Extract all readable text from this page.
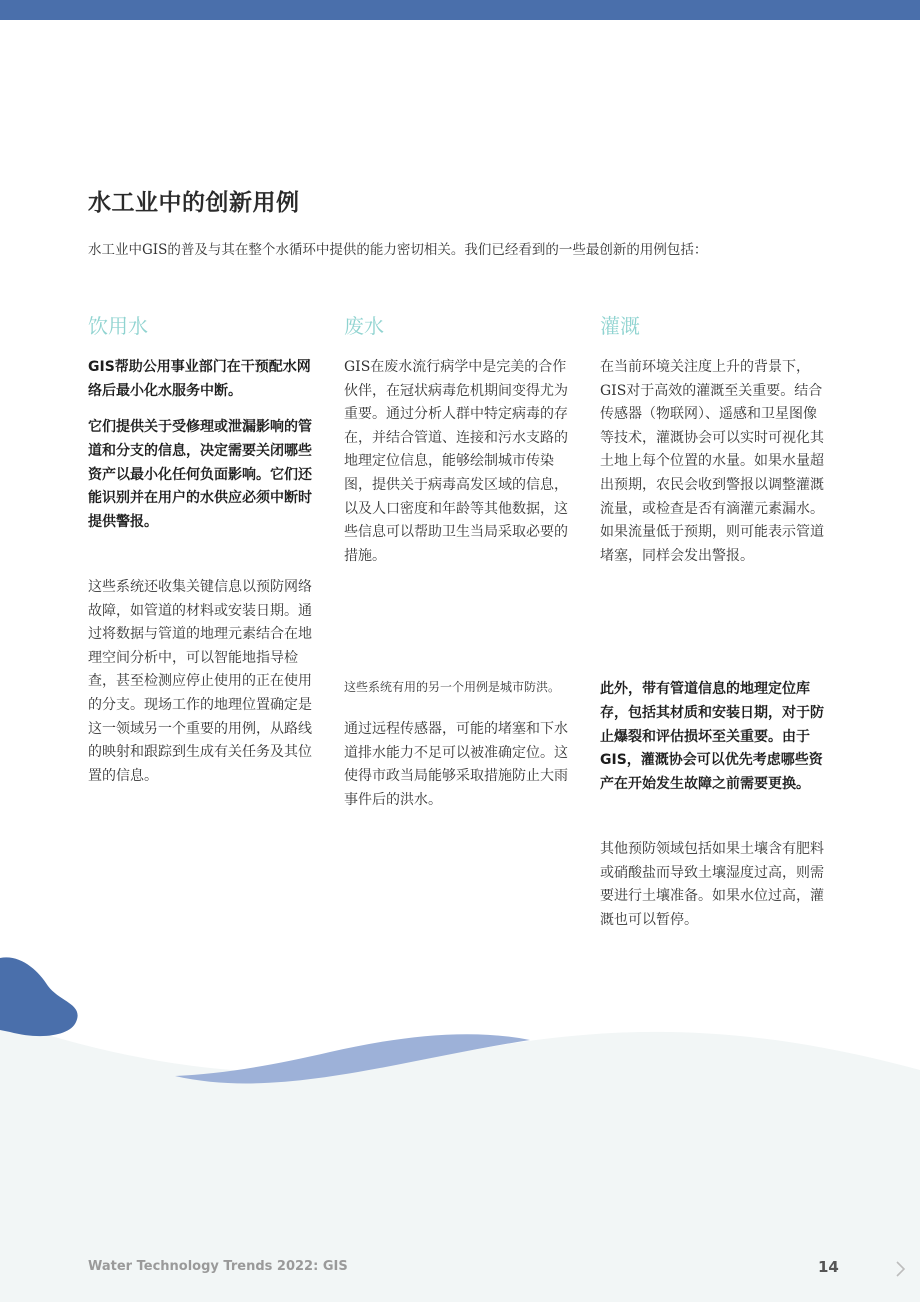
水工业中的创新用例

水工业中GIS的普及与其在整个水循环中提供的能力密切相关。我们已经看到的一些最创新的用例包括：

饮用水

GIS帮助公用事业部门在干预配水网络后最小化水服务中断。

它们提供关于受修理或泄漏影响的管道和分支的信息，决定需要关闭哪些资产以最小化任何负面影响。它们还能识别并在用户的水供应必须中断时提供警报。

这些系统还收集关键信息以预防网络故障，如管道的材料或安装日期。通过将数据与管道的地理元素结合在地理空间分析中，可以智能地指导检查，甚至检测应停止使用的正在使用的分支。现场工作的地理位置确定是这一领域另一个重要的用例，从路线的映射和跟踪到生成有关任务及其位置的信息。

废水

GIS在废水流行病学中是完美的合作伙伴，在冠状病毒危机期间变得尤为重要。通过分析人群中特定病毒的存在，并结合管道、连接和污水支路的地理定位信息，能够绘制城市传染图，提供关于病毒高发区域的信息，以及人口密度和年龄等其他数据，这些信息可以帮助卫生当局采取必要的措施。

这些系统有用的另一个用例是城市防洪。

通过远程传感器，可能的堵塞和下水道排水能力不足可以被准确定位。这使得市政当局能够采取措施防止大雨事件后的洪水。

灌溉

在当前环境关注度上升的背景下，GIS对于高效的灌溉至关重要。结合传感器（物联网）、遥感和卫星图像等技术，灌溉协会可以实时可视化其土地上每个位置的水量。如果水量超出预期，农民会收到警报以调整灌溉流量，或检查是否有滴灌元素漏水。如果流量低于预期，则可能表示管道堵塞，同样会发出警报。

此外，带有管道信息的地理定位库存，包括其材质和安装日期，对于防止爆裂和评估损坏至关重要。由于GIS，灌溉协会可以优先考虑哪些资产在开始发生故障之前需要更换。

其他预防领域包括如果土壤含有肥料或硝酸盐而导致土壤湿度过高，则需要进行土壤准备。如果水位过高，灌溉也可以暂停。

Water Technology Trends 2022: GIS	14
